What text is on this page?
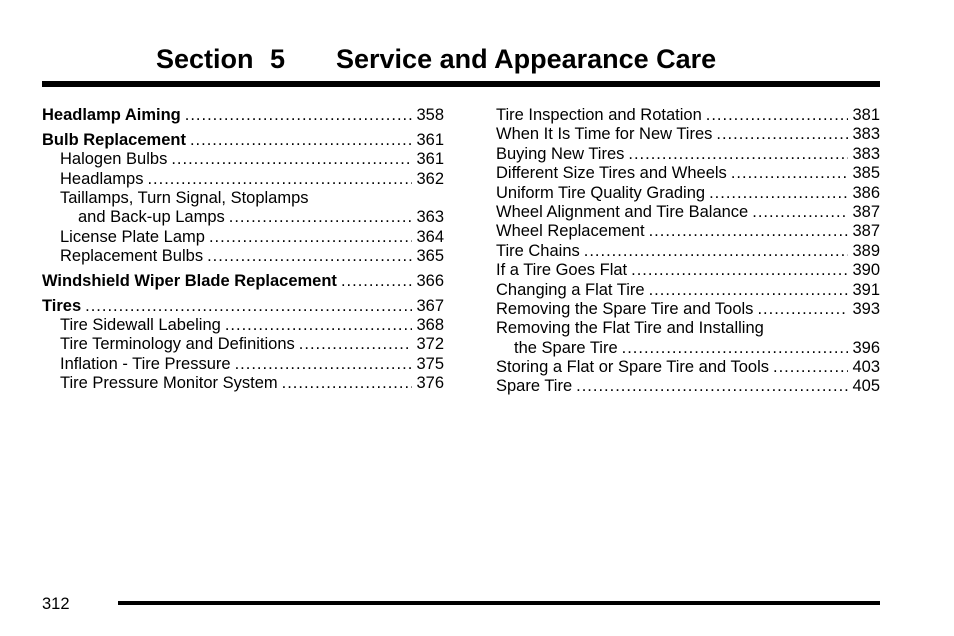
Section 5 Service and Appearance Care
Headlamp Aiming .....	358
Bulb Replacement .....	361
Halogen Bulbs .....	361
Headlamps .....	362
Taillamps, Turn Signal, Stoplamps
and Back-up Lamps .....	363
License Plate Lamp .....	364
Replacement Bulbs .....	365
Windshield Wiper Blade Replacement .....	366
Tires .....	367
Tire Sidewall Labeling .....	368
Tire Terminology and Definitions .....	372
Inflation - Tire Pressure .....	375
Tire Pressure Monitor System .....	376
Tire Inspection and Rotation .....	381
When It Is Time for New Tires .....	383
Buying New Tires .....	383
Different Size Tires and Wheels .....	385
Uniform Tire Quality Grading .....	386
Wheel Alignment and Tire Balance .....	387
Wheel Replacement .....	387
Tire Chains .....	389
If a Tire Goes Flat .....	390
Changing a Flat Tire .....	391
Removing the Spare Tire and Tools .....	393
Removing the Flat Tire and Installing
the Spare Tire .....	396
Storing a Flat or Spare Tire and Tools .....	403
Spare Tire .....	405
312
